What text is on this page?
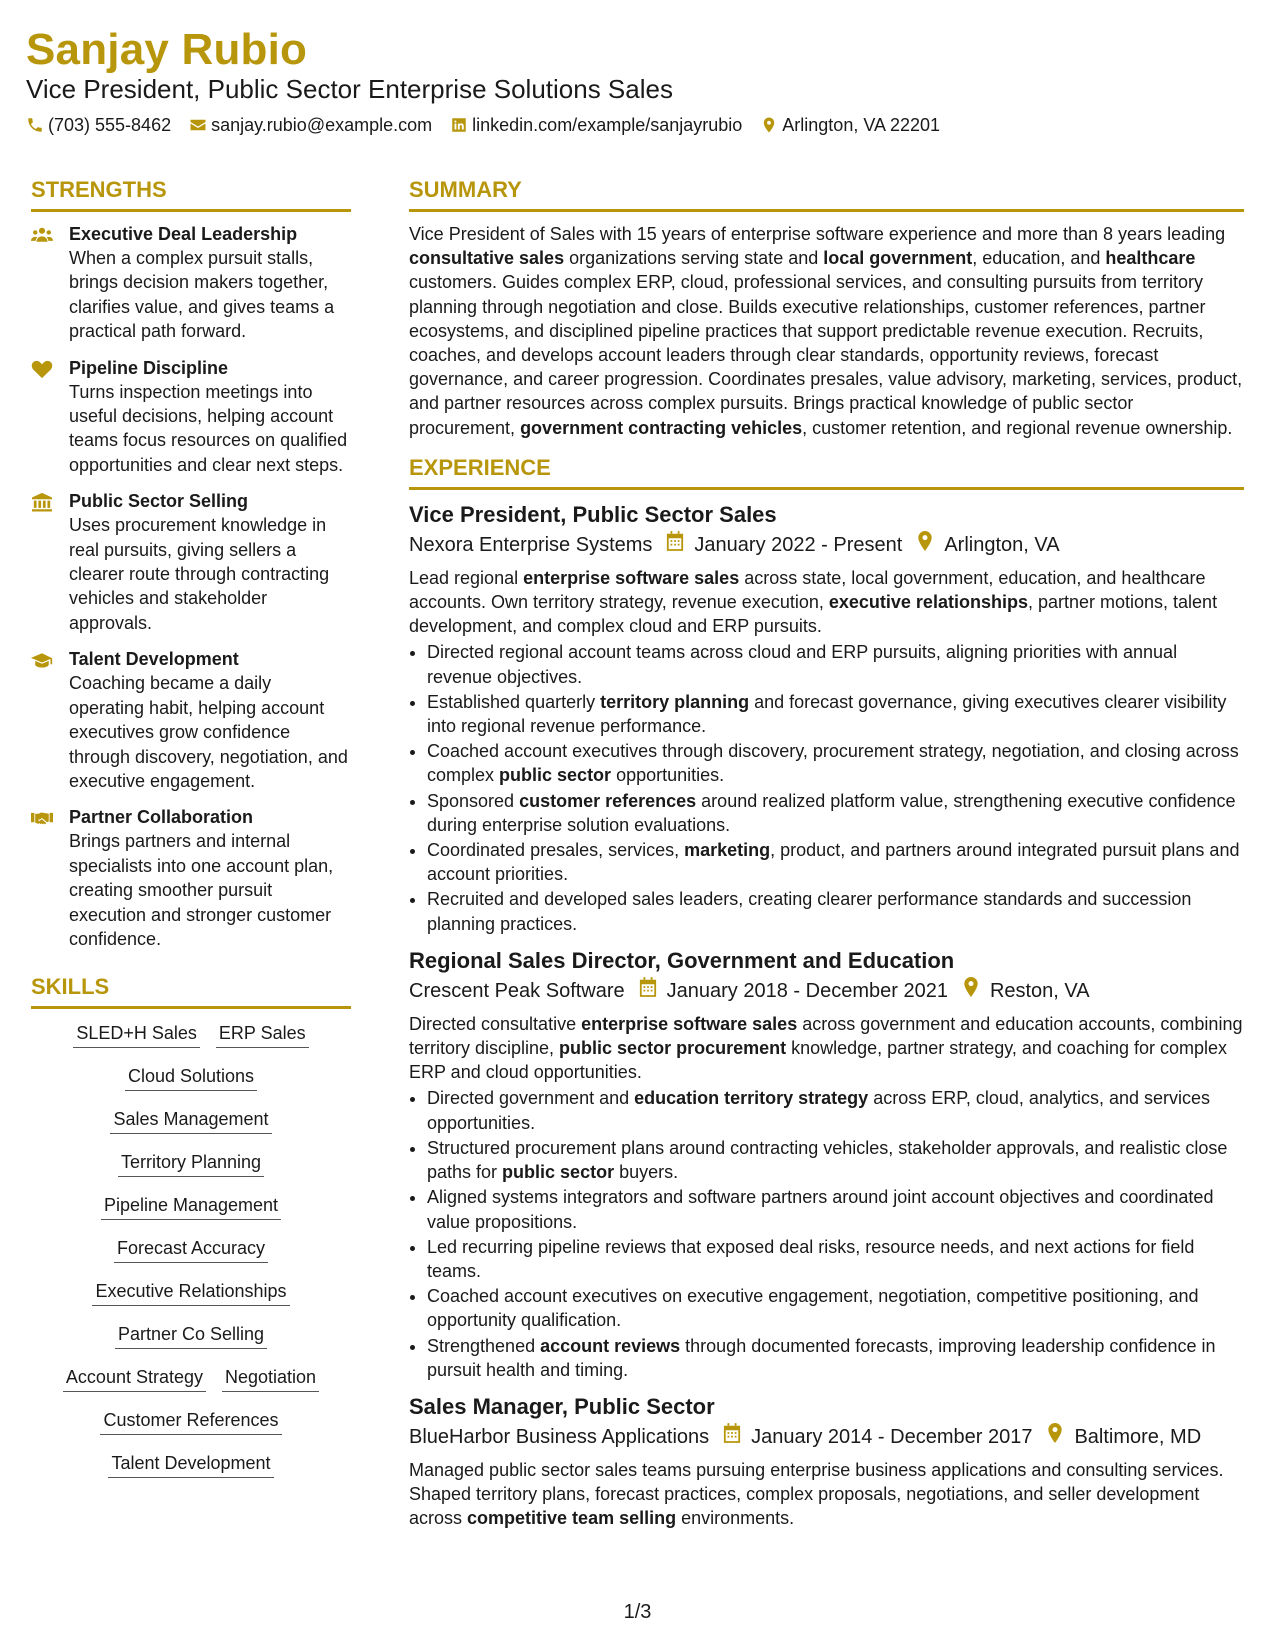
Sanjay Rubio
Vice President, Public Sector Enterprise Solutions Sales
(703) 555-8462 sanjay.rubio@example.com linkedin.com/example/sanjayrubio Arlington, VA 22201
STRENGTHS
Executive Deal Leadership
When a complex pursuit stalls, brings decision makers together, clarifies value, and gives teams a practical path forward.
Pipeline Discipline
Turns inspection meetings into useful decisions, helping account teams focus resources on qualified opportunities and clear next steps.
Public Sector Selling
Uses procurement knowledge in real pursuits, giving sellers a clearer route through contracting vehicles and stakeholder approvals.
Talent Development
Coaching became a daily operating habit, helping account executives grow confidence through discovery, negotiation, and executive engagement.
Partner Collaboration
Brings partners and internal specialists into one account plan, creating smoother pursuit execution and stronger customer confidence.
SKILLS
SLED+H Sales ERP Sales
Cloud Solutions
Sales Management
Territory Planning
Pipeline Management
Forecast Accuracy
Executive Relationships
Partner Co Selling
Account Strategy Negotiation
Customer References
Talent Development
SUMMARY

Vice President of Sales with 15 years of enterprise software experience and more than 8 years leading consultative sales organizations serving state and local government, education, and healthcare customers. Guides complex ERP, cloud, professional services, and consulting pursuits from territory planning through negotiation and close. Builds executive relationships, customer references, partner ecosystems, and disciplined pipeline practices that support predictable revenue execution. Recruits, coaches, and develops account leaders through clear standards, opportunity reviews, forecast governance, and career progression. Coordinates presales, value advisory, marketing, services, product, and partner resources across complex pursuits. Brings practical knowledge of public sector procurement, government contracting vehicles, customer retention, and regional revenue ownership.

EXPERIENCE
Vice President, Public Sector Sales
Nexora Enterprise Systems January 2022 - Present Arlington, VA

Lead regional enterprise software sales across state, local government, education, and healthcare accounts. Own territory strategy, revenue execution, executive relationships, partner motions, talent development, and complex cloud and ERP pursuits.

• Directed regional account teams across cloud and ERP pursuits, aligning priorities with annual revenue objectives.
• Established quarterly territory planning and forecast governance, giving executives clearer visibility into regional revenue performance.
• Coached account executives through discovery, procurement strategy, negotiation, and closing across complex public sector opportunities.
• Sponsored customer references around realized platform value, strengthening executive confidence during enterprise solution evaluations.
• Coordinated presales, services, marketing, product, and partners around integrated pursuit plans and account priorities.
• Recruited and developed sales leaders, creating clearer performance standards and succession planning practices.
Regional Sales Director, Government and Education
Crescent Peak Software January 2018 - December 2021 Reston, VA

Directed consultative enterprise software sales across government and education accounts, combining territory discipline, public sector procurement knowledge, partner strategy, and coaching for complex ERP and cloud opportunities.

• Directed government and education territory strategy across ERP, cloud, analytics, and services opportunities.
• Structured procurement plans around contracting vehicles, stakeholder approvals, and realistic close paths for public sector buyers.
• Aligned systems integrators and software partners around joint account objectives and coordinated value propositions.
• Led recurring pipeline reviews that exposed deal risks, resource needs, and next actions for field teams.
• Coached account executives on executive engagement, negotiation, competitive positioning, and opportunity qualification.
• Strengthened account reviews through documented forecasts, improving leadership confidence in pursuit health and timing.
Sales Manager, Public Sector
BlueHarbor Business Applications January 2014 - December 2017 Baltimore, MD

Managed public sector sales teams pursuing enterprise business applications and consulting services. Shaped territory plans, forecast practices, complex proposals, negotiations, and seller development across competitive team selling environments.

1/3
